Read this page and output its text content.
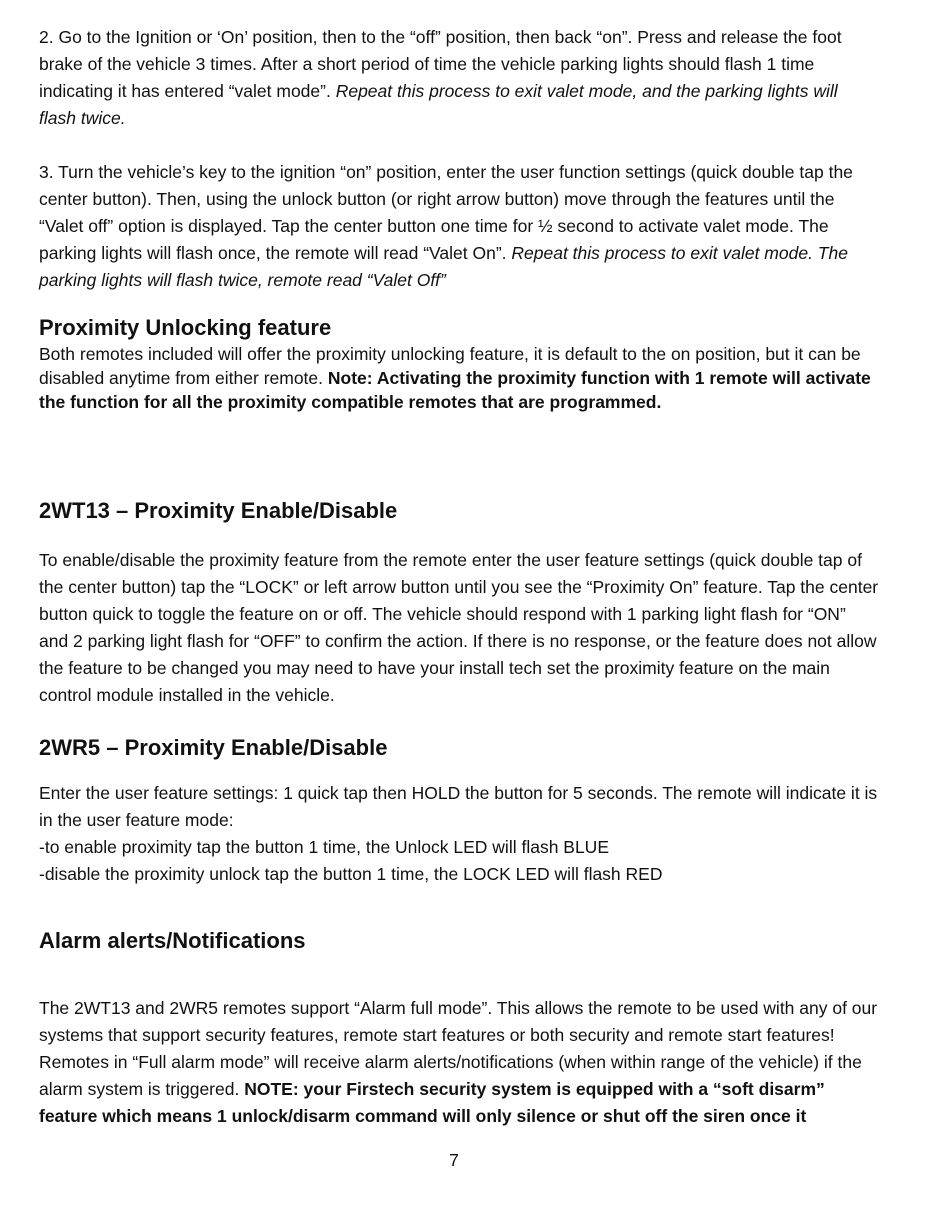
2. Go to the Ignition or ‘On’ position, then to the “off” position, then back “on”. Press and release the foot brake of the vehicle 3 times. After a short period of time the vehicle parking lights should flash 1 time indicating it has entered “valet mode”. Repeat this process to exit valet mode, and the parking lights will flash twice.

3. Turn the vehicle’s key to the ignition “on” position, enter the user function settings (quick double tap the center button). Then, using the unlock button (or right arrow button) move through the features until the “Valet off” option is displayed. Tap the center button one time for ½ second to activate valet mode. The parking lights will flash once, the remote will read “Valet On”. Repeat this process to exit valet mode. The parking lights will flash twice, remote read “Valet Off”

Proximity Unlocking feature

Both remotes included will offer the proximity unlocking feature, it is default to the on position, but it can be disabled anytime from either remote. Note: Activating the proximity function with 1 remote will activate the function for all the proximity compatible remotes that are programmed.

2WT13 – Proximity Enable/Disable

To enable/disable the proximity feature from the remote enter the user feature settings (quick double tap of the center button) tap the “LOCK” or left arrow button until you see the “Proximity On” feature. Tap the center button quick to toggle the feature on or off. The vehicle should respond with 1 parking light flash for “ON” and 2 parking light flash for “OFF” to confirm the action. If there is no response, or the feature does not allow the feature to be changed you may need to have your install tech set the proximity feature on the main control module installed in the vehicle.

2WR5 – Proximity Enable/Disable

Enter the user feature settings: 1 quick tap then HOLD the button for 5 seconds. The remote will indicate it is in the user feature mode:
-to enable proximity tap the button 1 time, the Unlock LED will flash BLUE
-disable the proximity unlock tap the button 1 time, the LOCK LED will flash RED

Alarm alerts/Notifications

The 2WT13 and 2WR5 remotes support “Alarm full mode”. This allows the remote to be used with any of our systems that support security features, remote start features or both security and remote start features! Remotes in “Full alarm mode” will receive alarm alerts/notifications (when within range of the vehicle) if the alarm system is triggered. NOTE: your Firstech security system is equipped with a “soft disarm” feature which means 1 unlock/disarm command will only silence or shut off the siren once it

7
